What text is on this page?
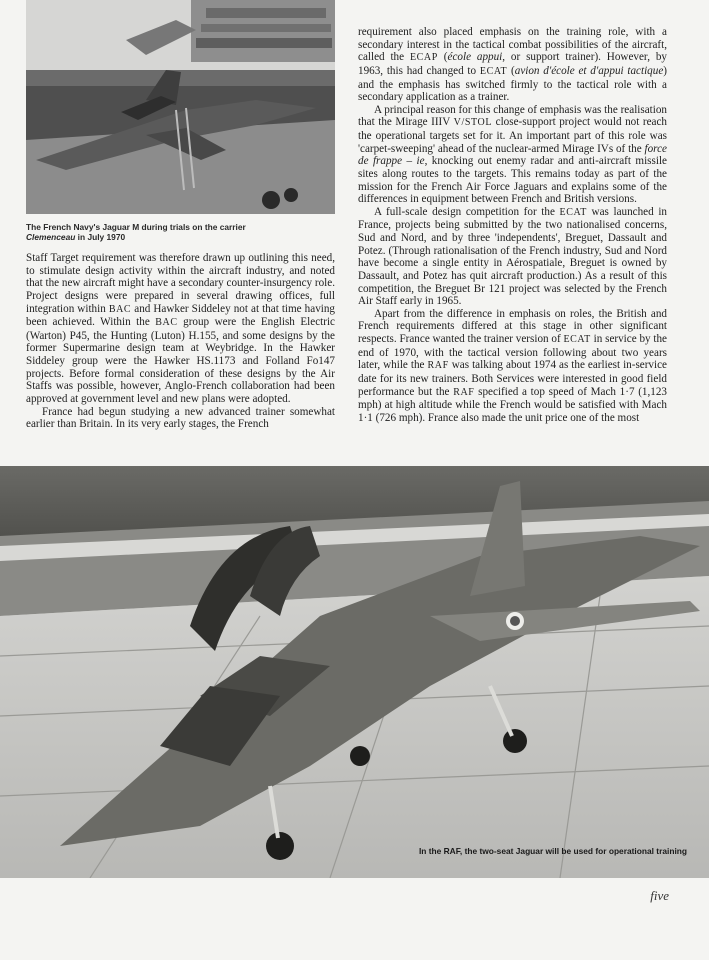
The French Navy's Jaguar M during trials on the carrier Clemenceau in July 1970

Staff Target requirement was therefore drawn up outlining this need, to stimulate design activity within the aircraft industry, and noted that the new aircraft might have a secondary counter-insurgency role. Project designs were prepared in several drawing offices, full integration within BAC and Hawker Siddeley not at that time having been achieved. Within the BAC group were the English Electric (Warton) P45, the Hunting (Luton) H.155, and some designs by the former Supermarine design team at Weybridge. In the Hawker Siddeley group were the Hawker HS.1173 and Folland Fo147 projects. Before formal consideration of these designs by the Air Staffs was possible, however, Anglo-French collaboration had been approved at government level and new plans were adopted.

France had begun studying a new advanced trainer somewhat earlier than Britain. In its very early stages, the French

requirement also placed emphasis on the training role, with a secondary interest in the tactical combat possibilities of the aircraft, called the ECAP (école appui, or support trainer). However, by 1963, this had changed to ECAT (avion d'école et d'appui tactique) and the emphasis has switched firmly to the tactical role with a secondary application as a trainer.

A principal reason for this change of emphasis was the realisation that the Mirage IIIV V/STOL close-support project would not reach the operational targets set for it. An important part of this role was 'carpet-sweeping' ahead of the nuclear-armed Mirage IVs of the force de frappe – ie, knocking out enemy radar and anti-aircraft missile sites along routes to the targets. This remains today as part of the mission for the French Air Force Jaguars and explains some of the differences in equipment between French and British versions.

A full-scale design competition for the ECAT was launched in France, projects being submitted by the two nationalised concerns, Sud and Nord, and by three 'independents', Breguet, Dassault and Potez. (Through rationalisation of the French industry, Sud and Nord have become a single entity in Aérospatiale, Breguet is owned by Dassault, and Potez has quit aircraft production.) As a result of this competition, the Breguet Br 121 project was selected by the French Air Staff early in 1965.

Apart from the difference in emphasis on roles, the British and French requirements differed at this stage in other significant respects. France wanted the trainer version of ECAT in service by the end of 1970, with the tactical version following about two years later, while the RAF was talking about 1974 as the earliest in-service date for its new trainers. Both Services were interested in good field performance but the RAF specified a top speed of Mach 1·7 (1,123 mph) at high altitude while the French would be satisfied with Mach 1·1 (726 mph). France also made the unit price one of the most

In the RAF, the two-seat Jaguar will be used for operational training
five
